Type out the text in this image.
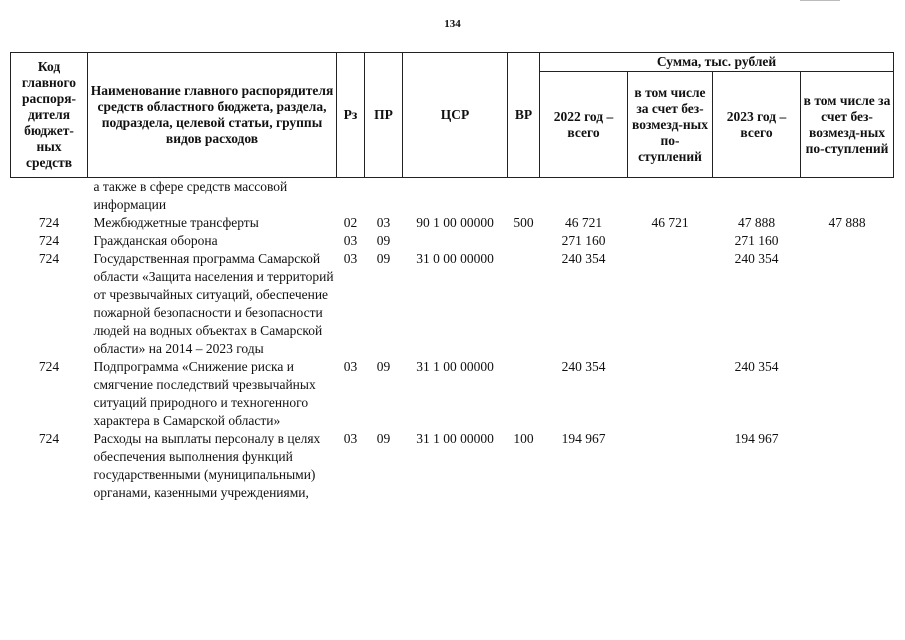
134
Код главного распоря-дителя бюджет-ных средств	Наименование главного распорядителя средств областного бюджета, раздела, подраздела, целевой статьи, группы видов расходов	Рз	ПР	ЦСР	ВР	Сумма, тыс. рублей			
						2022 год – всего	в том числе за счет без-возмезд-ных по-ступлений	2023 год – всего	в том числе за счет без-возмезд-ных по-ступлений
	а также в сфере средств массовой информации								
724	Межбюджетные трансферты	02	03	90 1 00 00000	500	46 721	46 721	47 888	47 888
724	Гражданская оборона	03	09			271 160		271 160	
724	Государственная программа Самарской области «Защита населения и территорий от чрезвычайных ситуаций, обеспечение пожарной безопасности и безопасности людей на водных объектах в Самарской области» на 2014 – 2023 годы	03	09	31 0 00 00000		240 354		240 354	
724	Подпрограмма «Снижение риска и смягчение последствий чрезвычайных ситуаций природного и техногенного характера в Самарской области»	03	09	31 1 00 00000		240 354		240 354	
724	Расходы на выплаты персоналу в целях обеспечения выполнения функций государственными (муниципальными) органами, казенными учреждениями,	03	09	31 1 00 00000	100	194 967		194 967	
